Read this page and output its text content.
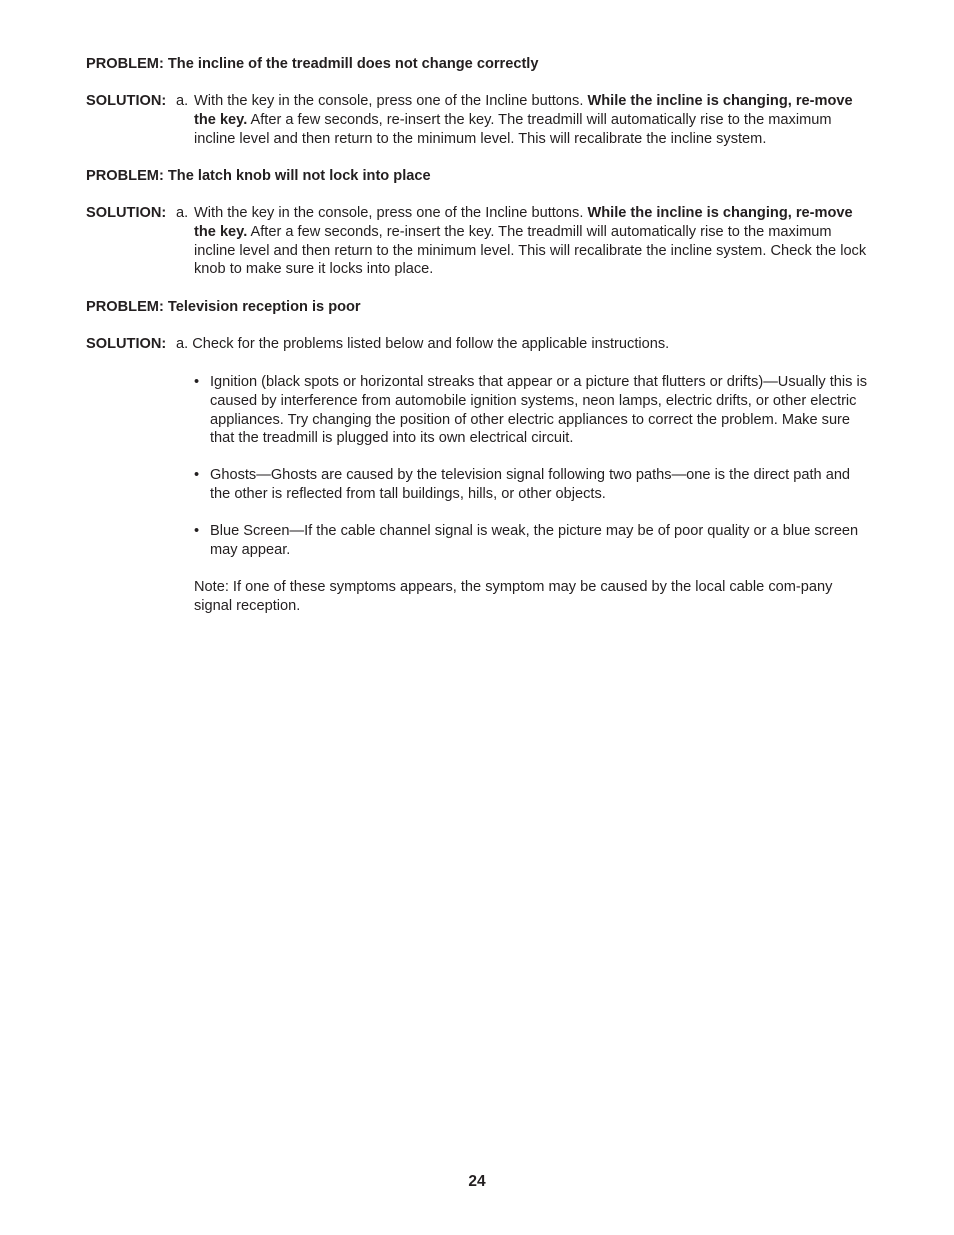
PROBLEM: The incline of the treadmill does not change correctly
SOLUTION: a. With the key in the console, press one of the Incline buttons. While the incline is changing, re-move the key. After a few seconds, re-insert the key. The treadmill will automatically rise to the maximum incline level and then return to the minimum level. This will recalibrate the incline system.
PROBLEM: The latch knob will not lock into place
SOLUTION: a. With the key in the console, press one of the Incline buttons. While the incline is changing, re-move the key. After a few seconds, re-insert the key. The treadmill will automatically rise to the maximum incline level and then return to the minimum level. This will recalibrate the incline system. Check the lock knob to make sure it locks into place.
PROBLEM: Television reception is poor
SOLUTION: a. Check for the problems listed below and follow the applicable instructions.
• Ignition (black spots or horizontal streaks that appear or a picture that flutters or drifts)—Usually this is caused by interference from automobile ignition systems, neon lamps, electric drifts, or other electric appliances. Try changing the position of other electric appliances to correct the problem. Make sure that the treadmill is plugged into its own electrical circuit.
• Ghosts—Ghosts are caused by the television signal following two paths—one is the direct path and the other is reflected from tall buildings, hills, or other objects.
• Blue Screen—If the cable channel signal is weak, the picture may be of poor quality or a blue screen may appear.
Note: If one of these symptoms appears, the symptom may be caused by the local cable com-pany signal reception.
24
